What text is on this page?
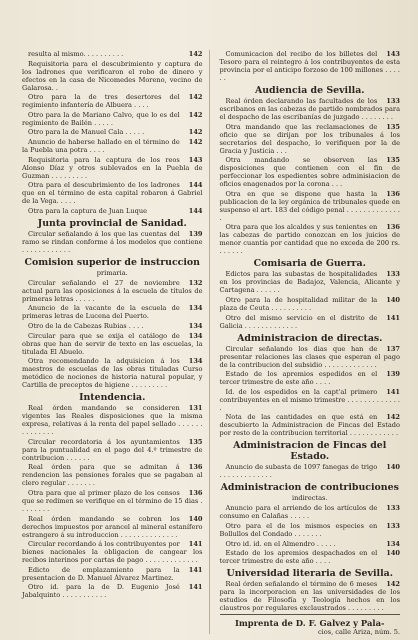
142
resulta al mismo. . . . . . . . . .

Requisitoria para el descubrimiento y captura de los ladrones que verificaron el robo de dinero y efectos en la casa de Nicomedes Moreno, vecino de Galarosa. .

142
Otro para la de tres desertores del regimiento infantería de Albuera . . . .

142
Otro para la de Mariano Calvo, que lo es del regimiento de Bailén . . . . .

142
Otro para la de Manuel Cala . . . . .

142
Anuncio de haberse hallado en el término de la Puebla una potra . . . .

143
Requisitoria para la captura de los reos Alonso Díaz y otros sublevados en la Puebla de Guzman . . . . . . . . .

144
Otra para el descubrimiento de los ladrones que en el término de esta capital robaron á Gabriel de la Vega. . . . .

144
Otra para la captura de Juan Luque

Junta provincial de Sanidad.

139
Circular señalando á los que las cuentas del ramo se rindan conforme á los modelos que contiene . . . . . . . . . . . .

Comision superior de instruccion
primaria.

132
Circular señalando el 27 de noviembre actual para las oposiciones á la escuela de títulos de primeras letras . . . . .

134
Anuncio de la vacante de la escuela de primeras letras de Lucena del Puerto.

134
Otro de la de Cabezas Rubias . . . .

134
Circular para que se exija el catálogo de obras que han de servir de texto en las escuelas, la titulada El Abuelo.

134
Otra recomendando la adquisicion á los maestros de escuelas de las obras tituladas Curso metódico de nociones de historia natural popular, y Cartilla de preceptos de higiene . . . . . . . . .

Intendencia.

131
Real órden mandando se consideren vigentes las Reales disposiciones que la misma expresa, relativas á la renta del papel sellado . . . . . . . . . . . . . .

135
Circular recordatoria á los ayuntamientos para la puntualidad en el pago del 4.º trimestre de contribucion . . . . . .

136
Real órden para que se admitan á rendencion las pensiones forales que se pagaban al clero regular . . . . . . .

136
Otra para que al primer plazo de los censos que se redimen se verifique en el término de 15 dias . . . . . . . .

140
Real órden mandando se cobren los derechos impuestos por arancel al mineral estanífero estrangero á su introduccion . . . . . . . . . . . . . .

141
Circular recordando á los contribuyentes por bienes nacionales la obligacion de cangear los recibos interinos por cartas de pago . . . . . . . . . . . . .

141
Edicto de emplazamiento para la presentacion de D. Manuel Álvarez Martinez.

141
Otro id. para la de D. Eugenio José Jabalquinto . . . . . . . . . . .

143
Comunicacion del recibo de los billetes del Tesoro para el reintegro á los contribuyentes de esta provincia por el anticipo forzoso de 100 millones . . . . . .

Audiencia de Sevilla.

133
Real órden declarando las facultades de los escribanos en las cabezas de partido nombrados para el despacho de las escribanías de juzgado . . . . . . . .

135
Otra mandando que las reclamaciones de oficio que se dirijan por los tribunales á los secretarios del despacho, lo verifiquen por la de Gracia y Justicia . . .

135
Otra mandando se observen las disposiciones que contienen con el fin de perfeccionar los espedientes sobre adminisiacion de oficios enagenados por la corona . . .

136
Otra en que se dispone que hasta la publicacion de la ley orgánica de tribunales quede en suspenso el art. 183 del código penal . . . . . . . . . . . . . .

136
Otra para que los alcaldes y sus tenientes en las cabezas de partido conozcan en los juicios de menor cuantía por cantidad que no exceda de 200 rs. . . . . . .

Comisaria de Guerra.

133
Edictos para las subastas de hospitalidades en los provincias de Badajoz, Valencia, Alicante y Cartagena . . . . . .

140
Otro para la de hospitalidad militar de la plaza de Ceuta . . . . . . . . . .

141
Otro del mismo servicio en el distrito de Galicia . . . . . . . . . . . . .

Administracion de directas.

137
Circular señalando los dias que han de presentar relaciones las clases que esperan el pago de la contribucion del subsidio . . . . . . . . . . . . .

139
Estado de los apremios espedidos en el tercer trimestre de este año . . . .

141
Id. de los espedidos en la capt'al primero contribuyentes en el mismo trimestre . . . . . . . . . . . . . .

142
Nota de las cantidades en que está en descubierto la Administracion de Fincas del Estado por resto de la contribucion territorial . . . . . . . . . . . .

Administracion de Fincas del Estado.

140
Anuncio de subasta de 1097 fanegas de trigo . . . . . . . . . . . . .

Administracion de contribuciones
indirectas.

133
Anuncio para el arriendo de los artículos de consumo en Calañas . . . . .

133
Otro para el de los mismos especies en Bollullos del Condado . . . . . . .

134
Otro id. id. en el Almendro . . . . .

140
Estado de los apremios despachados en el tercer trimestre de este año . . . .

Universidad literaria de Sevilla.

142
Real órden señalando el término de 6 meses para la incorporacion en las universidades de los estudios de Filosofía y Teología hechos en los claustros por regulares exclaustrados . . . . . . . . .

Imprenta de D. F. Galvez y Pala-
cios, calle Ariza, núm. 5.
